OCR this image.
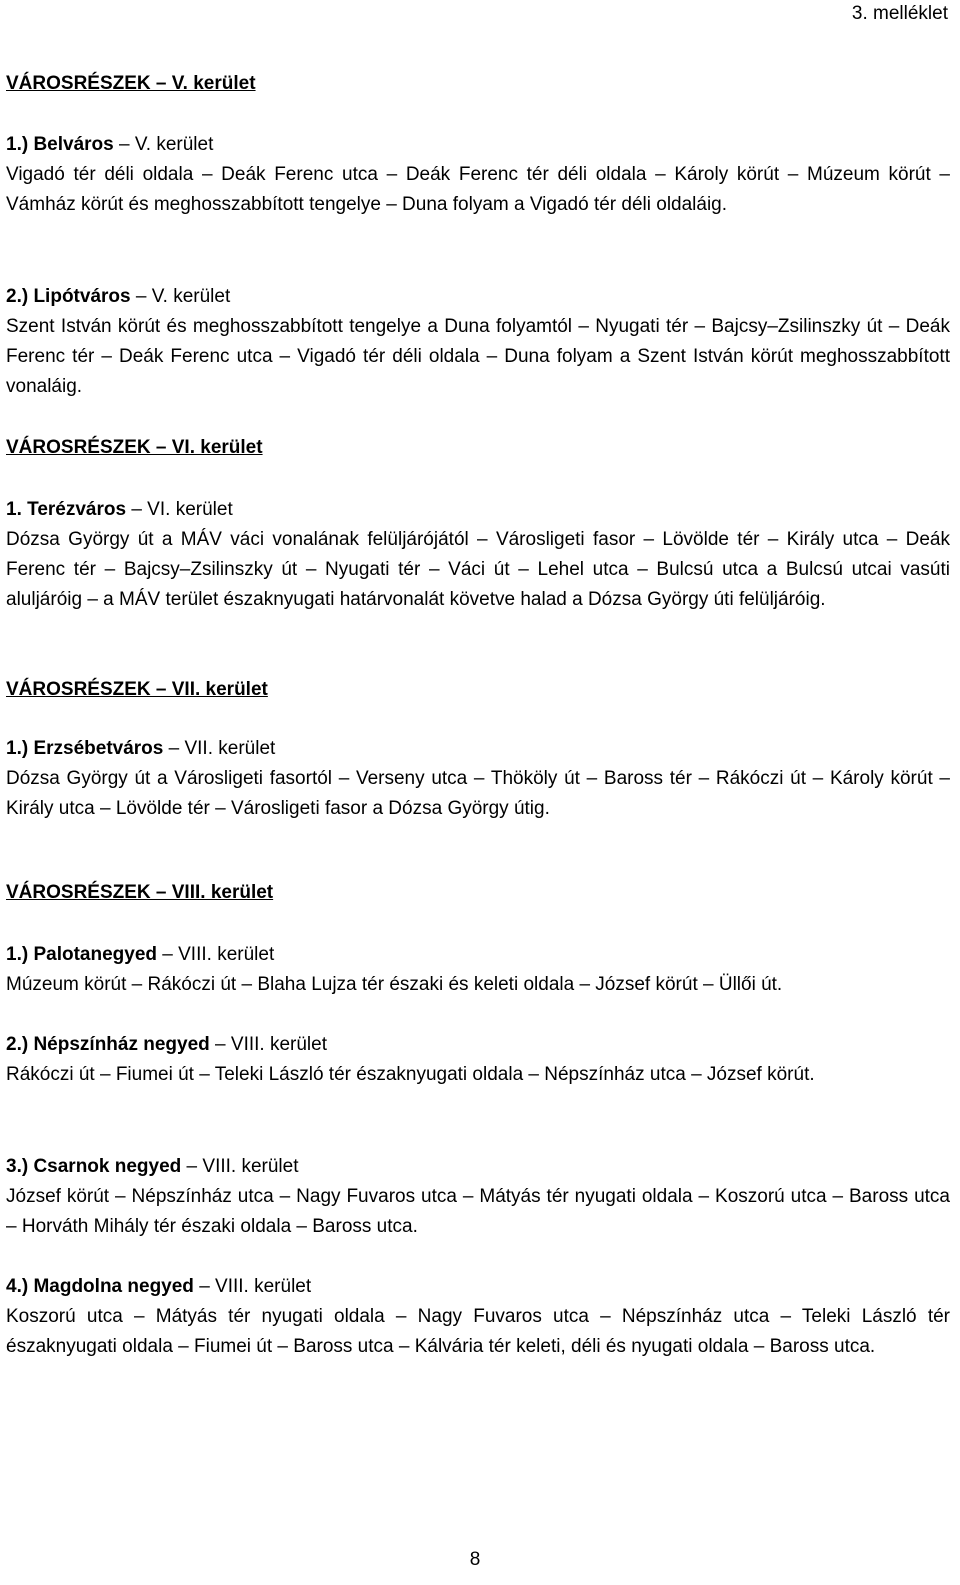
3. melléklet
VÁROSRÉSZEK – V. kerület
1.) Belváros – V. kerület
Vigadó tér déli oldala – Deák Ferenc utca – Deák Ferenc tér déli oldala – Károly körút – Múzeum körút – Vámház körút és meghosszabbított tengelye – Duna folyam a Vigadó tér déli oldaláig.
2.) Lipótváros – V. kerület
Szent István körút és meghosszabbított tengelye a Duna folyamtól – Nyugati tér – Bajcsy–Zsilinszky út – Deák Ferenc tér – Deák Ferenc utca – Vigadó tér déli oldala – Duna folyam a Szent István körút meghosszabbított vonaláig.
VÁROSRÉSZEK – VI. kerület
1. Terézváros – VI. kerület
Dózsa György út a MÁV váci vonalának felüljárójától – Városligeti fasor – Lövölde tér – Király utca – Deák Ferenc tér – Bajcsy–Zsilinszky út – Nyugati tér – Váci út – Lehel utca – Bulcsú utca a Bulcsú utcai vasúti aluljáróig – a MÁV terület északnyugati határvonalát követve halad a Dózsa György úti felüljáróig.
VÁROSRÉSZEK – VII. kerület
1.) Erzsébetváros – VII. kerület
Dózsa György út a Városligeti fasortól – Verseny utca – Thököly út – Baross tér – Rákóczi út – Károly körút – Király utca – Lövölde tér – Városligeti fasor a Dózsa György útig.
VÁROSRÉSZEK – VIII. kerület
1.) Palotanegyed – VIII. kerület
Múzeum körút – Rákóczi út – Blaha Lujza tér északi és keleti oldala – József körút – Üllői út.
2.) Népszínház negyed – VIII. kerület
Rákóczi út – Fiumei út – Teleki László tér északnyugati oldala – Népszínház utca – József körút.
3.) Csarnok negyed – VIII. kerület
József körút – Népszínház utca – Nagy Fuvaros utca – Mátyás tér nyugati oldala – Koszorú utca – Baross utca – Horváth Mihály tér északi oldala – Baross utca.
4.) Magdolna negyed – VIII. kerület
Koszorú utca – Mátyás tér nyugati oldala – Nagy Fuvaros utca – Népszínház utca – Teleki László tér északnyugati oldala – Fiumei út – Baross utca – Kálvária tér keleti, déli és nyugati oldala – Baross utca.
8
